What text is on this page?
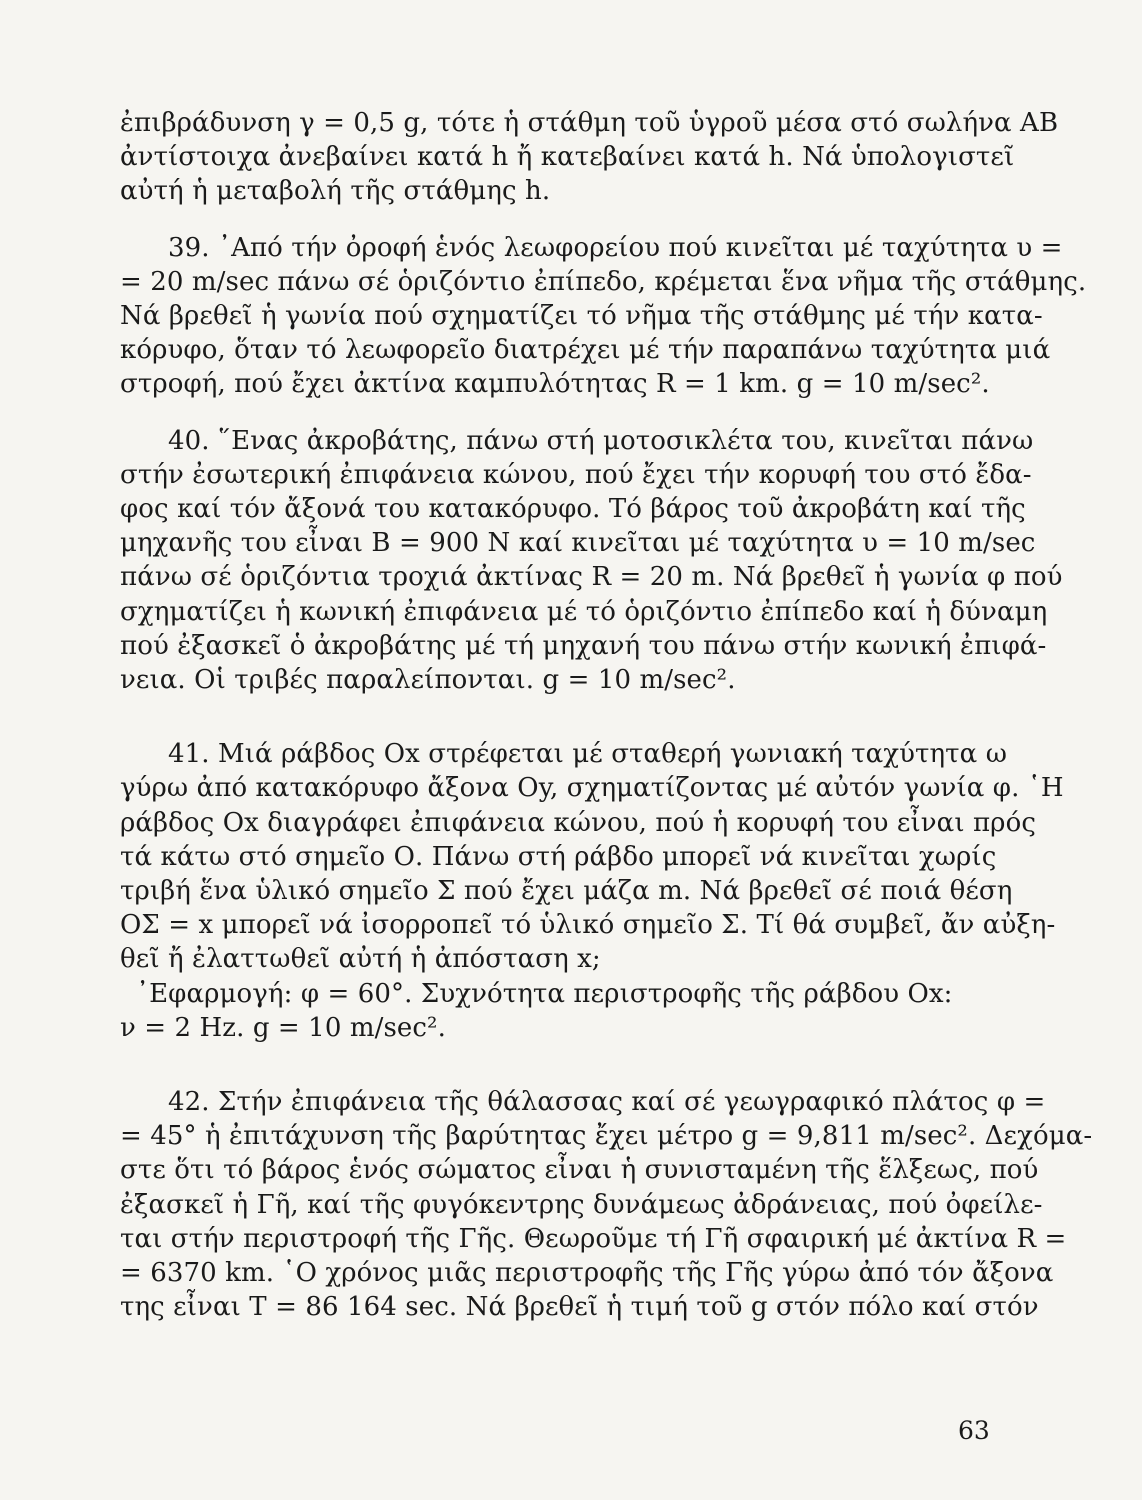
ἐπιβράδυνση γ = 0,5 g, τότε ἡ στάθμη τοῦ ὑγροῦ μέσα στό σωλήνα ΑΒ
ἀντίστοιχα ἀνεβαίνει κατά h ἤ κατεβαίνει κατά h. Νά ὑπολογιστεῖ
αὐτή ἡ μεταβολή τῆς στάθμης h.

39. ᾿Από τήν ὀροφή ἑνός λεωφορείου πού κινεῖται μέ ταχύτητα υ =
= 20 m/sec πάνω σέ ὁριζόντιο ἐπίπεδο, κρέμεται ἕνα νῆμα τῆς στάθμης.
Νά βρεθεῖ ἡ γωνία πού σχηματίζει τό νῆμα τῆς στάθμης μέ τήν κατα-
κόρυφο, ὅταν τό λεωφορεῖο διατρέχει μέ τήν παραπάνω ταχύτητα μιά
στροφή, πού ἔχει ἀκτίνα καμπυλότητας R = 1 km. g = 10 m/sec².

40. ῞Ενας ἀκροβάτης, πάνω στή μοτοσικλέτα του, κινεῖται πάνω
στήν ἐσωτερική ἐπιφάνεια κώνου, πού ἔχει τήν κορυφή του στό ἔδα-
φος καί τόν ἄξονά του κατακόρυφο. Τό βάρος τοῦ ἀκροβάτη καί τῆς
μηχανῆς του εἶναι Β = 900 Ν καί κινεῖται μέ ταχύτητα υ = 10 m/sec
πάνω σέ ὁριζόντια τροχιά ἀκτίνας R = 20 m. Νά βρεθεῖ ἡ γωνία φ πού
σχηματίζει ἡ κωνική ἐπιφάνεια μέ τό ὁριζόντιο ἐπίπεδο καί ἡ δύναμη
πού ἐξασκεῖ ὁ ἀκροβάτης μέ τή μηχανή του πάνω στήν κωνική ἐπιφά-
νεια. Οἱ τριβές παραλείπονται. g = 10 m/sec².

41. Μιά ράβδος Οx στρέφεται μέ σταθερή γωνιακή ταχύτητα ω
γύρω ἀπό κατακόρυφο ἄξονα Οy, σχηματίζοντας μέ αὐτόν γωνία φ. ῾Η
ράβδος Οx διαγράφει ἐπιφάνεια κώνου, πού ἡ κορυφή του εἶναι πρός
τά κάτω στό σημεῖο Ο. Πάνω στή ράβδο μπορεῖ νά κινεῖται χωρίς
τριβή ἕνα ὑλικό σημεῖο Σ πού ἔχει μάζα m. Νά βρεθεῖ σέ ποιά θέση
ΟΣ = x μπορεῖ νά ἰσορροπεῖ τό ὑλικό σημεῖο Σ. Τί θά συμβεῖ, ἄν αὐξη-
θεῖ ἤ ἐλαττωθεῖ αὐτή ἡ ἀπόσταση x;

᾿Εφαρμογή: φ = 60°. Συχνότητα περιστροφῆς τῆς ράβδου Οx:
ν = 2 Hz. g = 10 m/sec².

42. Στήν ἐπιφάνεια τῆς θάλασσας καί σέ γεωγραφικό πλάτος φ =
= 45° ἡ ἐπιτάχυνση τῆς βαρύτητας ἔχει μέτρο g = 9,811 m/sec². Δεχόμα-
στε ὅτι τό βάρος ἑνός σώματος εἶναι ἡ συνισταμένη τῆς ἕλξεως, πού
ἐξασκεῖ ἡ Γῆ, καί τῆς φυγόκεντρης δυνάμεως ἀδράνειας, πού ὀφείλε-
ται στήν περιστροφή τῆς Γῆς. Θεωροῦμε τή Γῆ σφαιρική μέ ἀκτίνα R =
= 6370 km. ῾Ο χρόνος μιᾶς περιστροφῆς τῆς Γῆς γύρω ἀπό τόν ἄξονα
της εἶναι Τ = 86 164 sec. Νά βρεθεῖ ἡ τιμή τοῦ g στόν πόλο καί στόν

63
